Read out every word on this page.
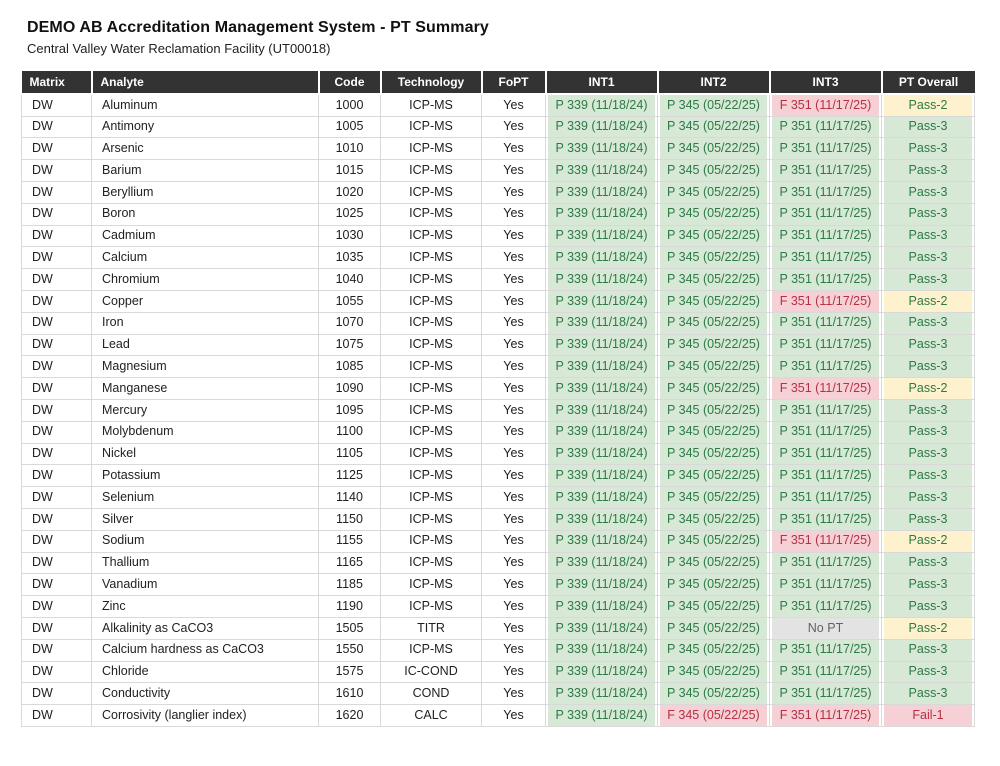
DEMO AB Accreditation Management System - PT Summary
Central Valley Water Reclamation Facility (UT00018)
Matrix	Analyte	Code	Technology	FoPT	INT1	INT2	INT3	PT Overall
DW	Aluminum	1000	ICP-MS	Yes	P 339 (11/18/24)	P 345 (05/22/25)	F 351 (11/17/25)	Pass-2
DW	Antimony	1005	ICP-MS	Yes	P 339 (11/18/24)	P 345 (05/22/25)	P 351 (11/17/25)	Pass-3
DW	Arsenic	1010	ICP-MS	Yes	P 339 (11/18/24)	P 345 (05/22/25)	P 351 (11/17/25)	Pass-3
DW	Barium	1015	ICP-MS	Yes	P 339 (11/18/24)	P 345 (05/22/25)	P 351 (11/17/25)	Pass-3
DW	Beryllium	1020	ICP-MS	Yes	P 339 (11/18/24)	P 345 (05/22/25)	P 351 (11/17/25)	Pass-3
DW	Boron	1025	ICP-MS	Yes	P 339 (11/18/24)	P 345 (05/22/25)	P 351 (11/17/25)	Pass-3
DW	Cadmium	1030	ICP-MS	Yes	P 339 (11/18/24)	P 345 (05/22/25)	P 351 (11/17/25)	Pass-3
DW	Calcium	1035	ICP-MS	Yes	P 339 (11/18/24)	P 345 (05/22/25)	P 351 (11/17/25)	Pass-3
DW	Chromium	1040	ICP-MS	Yes	P 339 (11/18/24)	P 345 (05/22/25)	P 351 (11/17/25)	Pass-3
DW	Copper	1055	ICP-MS	Yes	P 339 (11/18/24)	P 345 (05/22/25)	F 351 (11/17/25)	Pass-2
DW	Iron	1070	ICP-MS	Yes	P 339 (11/18/24)	P 345 (05/22/25)	P 351 (11/17/25)	Pass-3
DW	Lead	1075	ICP-MS	Yes	P 339 (11/18/24)	P 345 (05/22/25)	P 351 (11/17/25)	Pass-3
DW	Magnesium	1085	ICP-MS	Yes	P 339 (11/18/24)	P 345 (05/22/25)	P 351 (11/17/25)	Pass-3
DW	Manganese	1090	ICP-MS	Yes	P 339 (11/18/24)	P 345 (05/22/25)	F 351 (11/17/25)	Pass-2
DW	Mercury	1095	ICP-MS	Yes	P 339 (11/18/24)	P 345 (05/22/25)	P 351 (11/17/25)	Pass-3
DW	Molybdenum	1100	ICP-MS	Yes	P 339 (11/18/24)	P 345 (05/22/25)	P 351 (11/17/25)	Pass-3
DW	Nickel	1105	ICP-MS	Yes	P 339 (11/18/24)	P 345 (05/22/25)	P 351 (11/17/25)	Pass-3
DW	Potassium	1125	ICP-MS	Yes	P 339 (11/18/24)	P 345 (05/22/25)	P 351 (11/17/25)	Pass-3
DW	Selenium	1140	ICP-MS	Yes	P 339 (11/18/24)	P 345 (05/22/25)	P 351 (11/17/25)	Pass-3
DW	Silver	1150	ICP-MS	Yes	P 339 (11/18/24)	P 345 (05/22/25)	P 351 (11/17/25)	Pass-3
DW	Sodium	1155	ICP-MS	Yes	P 339 (11/18/24)	P 345 (05/22/25)	F 351 (11/17/25)	Pass-2
DW	Thallium	1165	ICP-MS	Yes	P 339 (11/18/24)	P 345 (05/22/25)	P 351 (11/17/25)	Pass-3
DW	Vanadium	1185	ICP-MS	Yes	P 339 (11/18/24)	P 345 (05/22/25)	P 351 (11/17/25)	Pass-3
DW	Zinc	1190	ICP-MS	Yes	P 339 (11/18/24)	P 345 (05/22/25)	P 351 (11/17/25)	Pass-3
DW	Alkalinity as CaCO3	1505	TITR	Yes	P 339 (11/18/24)	P 345 (05/22/25)	No PT	Pass-2
DW	Calcium hardness as CaCO3	1550	ICP-MS	Yes	P 339 (11/18/24)	P 345 (05/22/25)	P 351 (11/17/25)	Pass-3
DW	Chloride	1575	IC-COND	Yes	P 339 (11/18/24)	P 345 (05/22/25)	P 351 (11/17/25)	Pass-3
DW	Conductivity	1610	COND	Yes	P 339 (11/18/24)	P 345 (05/22/25)	P 351 (11/17/25)	Pass-3
DW	Corrosivity (langlier index)	1620	CALC	Yes	P 339 (11/18/24)	F 345 (05/22/25)	F 351 (11/17/25)	Fail-1
